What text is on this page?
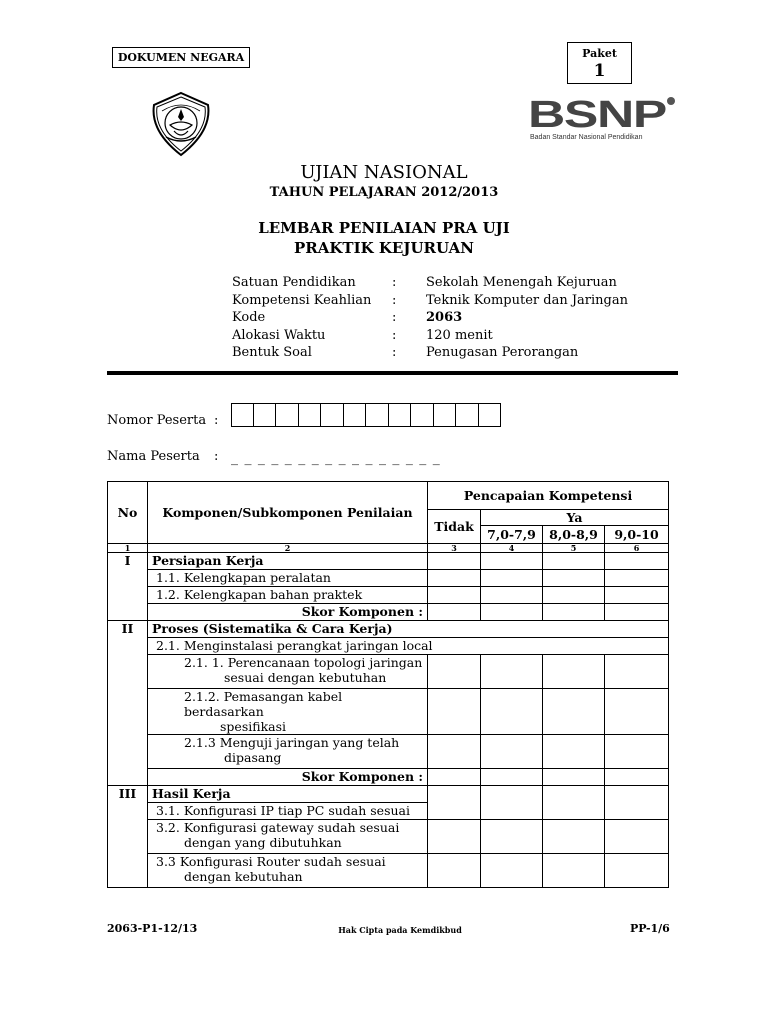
DOKUMEN NEGARA	Paket
1
BSNP
Badan Standar Nasional Pendidikan
UJIAN NASIONAL
TAHUN PELAJARAN 2012/2013
LEMBAR PENILAIAN PRA UJI
PRAKTIK KEJURUAN
Satuan Pendidikan	:	Sekolah Menengah Kejuruan
Kompetensi Keahlian	:	Teknik Komputer dan Jaringan
Kode	:	2063
Alokasi Waktu	:	120 menit
Bentuk Soal	:	Penugasan Perorangan
Nomor Peserta :
Nama Peserta : _ _ _ _ _ _ _ _ _ _ _ _ _ _ _ _
No	Komponen/Subkomponen Penilaian	Pencapaian Kompetensi			
		Tidak	Ya		
			7,0-7,9	8,0-8,9	9,0-10
1	2	3	4	5	6
I	Persiapan Kerja				
	1.1. Kelengkapan peralatan				
	1.2. Kelengkapan bahan praktek				
	Skor Komponen :				
II	Proses (Sistematika & Cara Kerja)				
	2.1. Menginstalasi perangkat jaringan local				

	2.1. 1. Perencanaan topologi jaringan
sesuai dengan kebutuhan				

	2.1.2. Pemasangan kabel berdasarkan
spesifikasi				

	2.1.3 Menguji jaringan yang telah
dipasang				

	Skor Komponen :				
III	Hasil Kerja				
	3.1. Konfigurasi IP tiap PC sudah sesuai				

	3.2. Konfigurasi gateway sudah sesuai
dengan yang dibutuhkan				

	3.3 Konfigurasi Router sudah sesuai
dengan kebutuhan				

2063-P1-12/13	Hak Cipta pada Kemdikbud	PP-1/6
